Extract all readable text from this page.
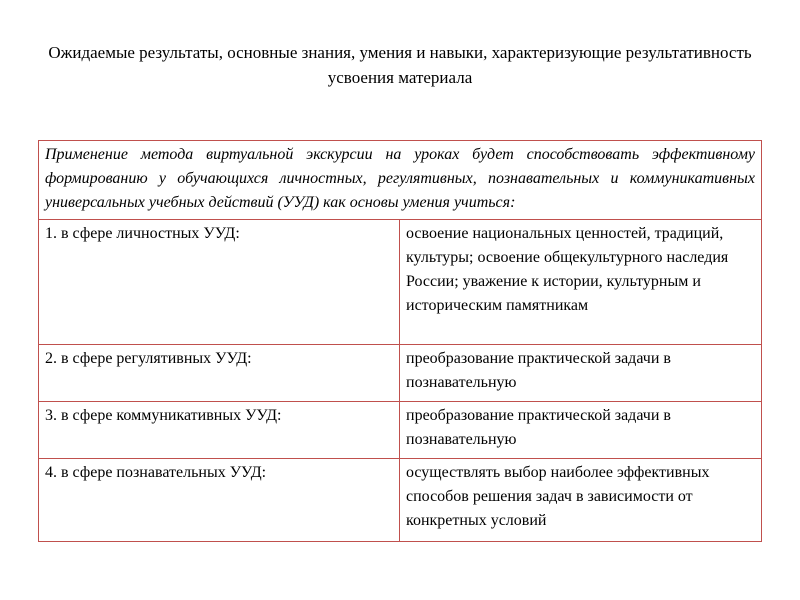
Ожидаемые результаты, основные знания, умения и навыки, характеризующие результативность усвоения материала
Применение метода виртуальной экскурсии на уроках будет способствовать эффективному формированию у обучающихся личностных, регулятивных, познавательных и коммуникативных универсальных учебных действий (УУД) как основы умения учиться:	
1. в сфере личностных УУД:	освоение национальных ценностей, традиций, культуры; освоение общекультурного наследия России; уважение к истории, культурным и историческим памятникам
2. в сфере регулятивных УУД:	преобразование практической задачи в познавательную
3. в сфере коммуникативных УУД:	преобразование практической задачи в познавательную
4. в сфере познавательных УУД:	осуществлять выбор наиболее эффективных способов решения задач в зависимости от конкретных условий
